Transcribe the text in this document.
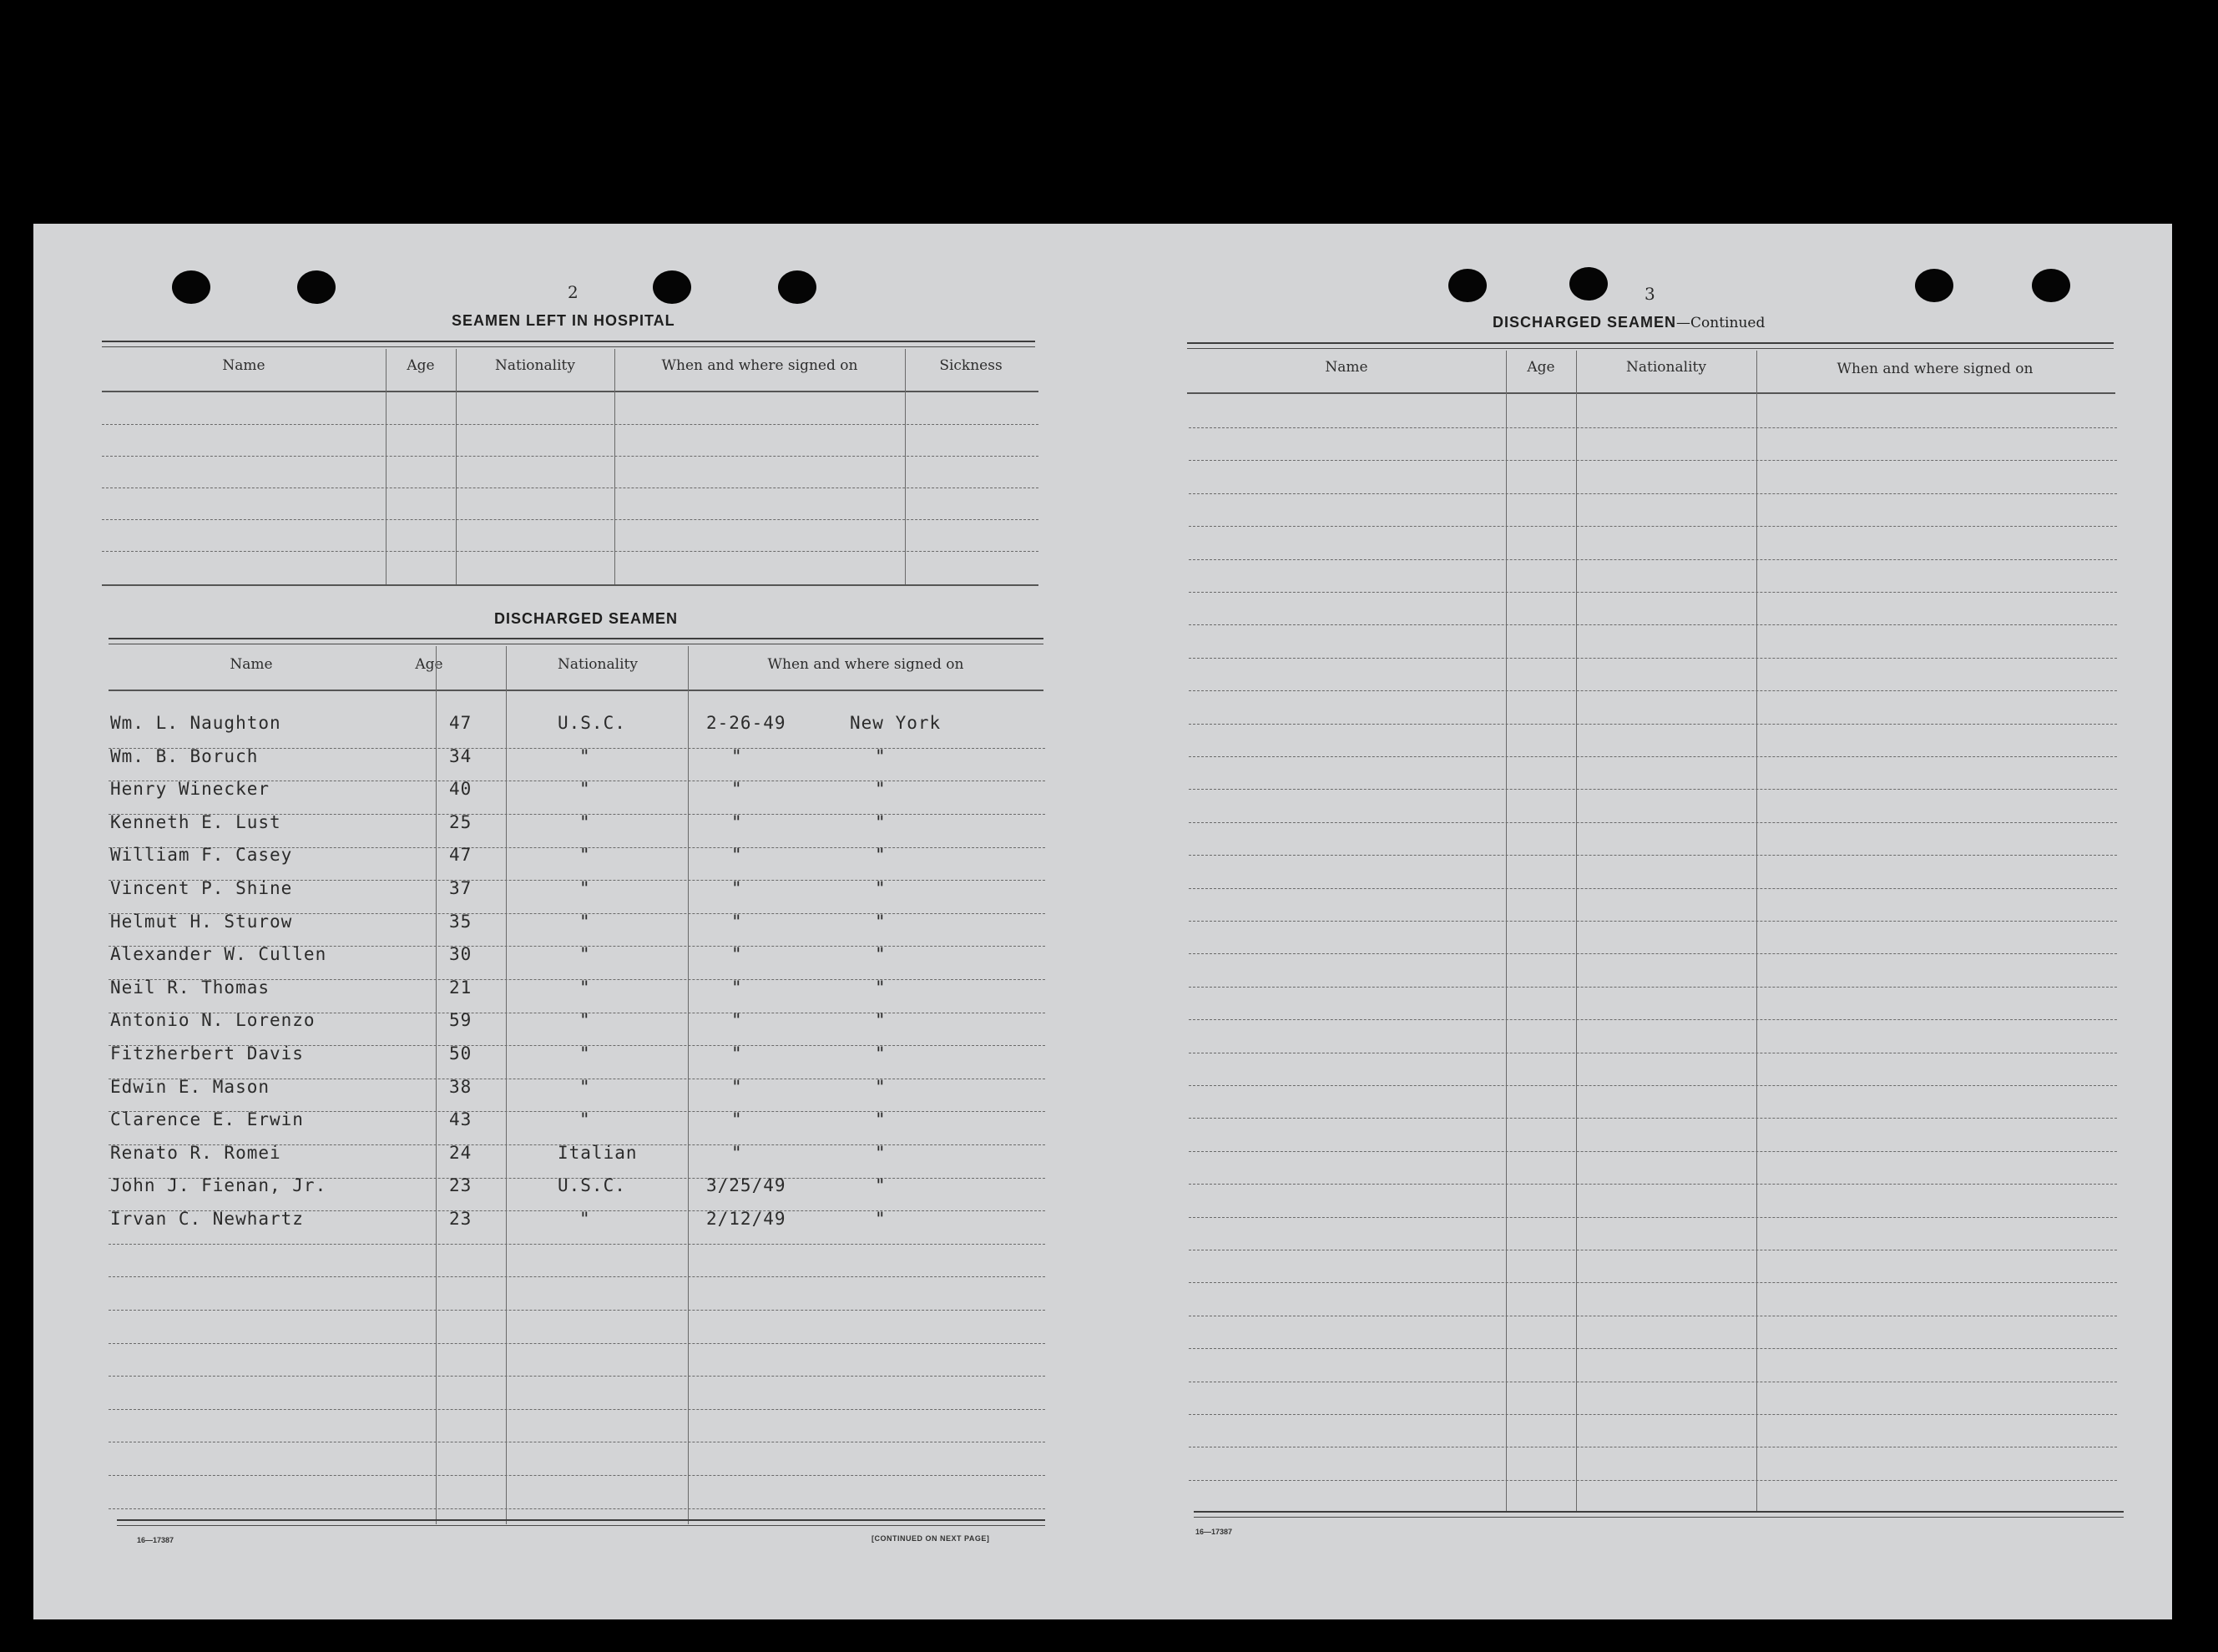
2
SEAMEN LEFT IN HOSPITAL
Name	Age	Nationality	When and where signed on	Sickness
DISCHARGED SEAMEN
Name	Age	Nationality	When and where signed on
Wm. L. Naughton	47	U.S.C.	2-26-49	New York
Wm. B. Boruch	34	"	"	"
Henry Winecker	40	"	"	"
Kenneth E. Lust	25	"	"	"
William F. Casey	47	"	"	"
Vincent P. Shine	37	"	"	"
Helmut H. Sturow	35	"	"	"
Alexander W. Cullen	30	"	"	"
Neil R. Thomas	21	"	"	"
Antonio N. Lorenzo	59	"	"	"
Fitzherbert Davis	50	"	"	"
Edwin E. Mason	38	"	"	"
Clarence E. Erwin	43	"	"	"
Renato R. Romei	24	Italian	"	"
John J. Fienan, Jr.	23	U.S.C.	3/25/49	"
Irvan C. Newhartz	23	"	2/12/49	"
16—17387	[CONTINUED ON NEXT PAGE]
3
DISCHARGED SEAMEN—Continued
Name	Age	Nationality	When and where signed on
16—17387
